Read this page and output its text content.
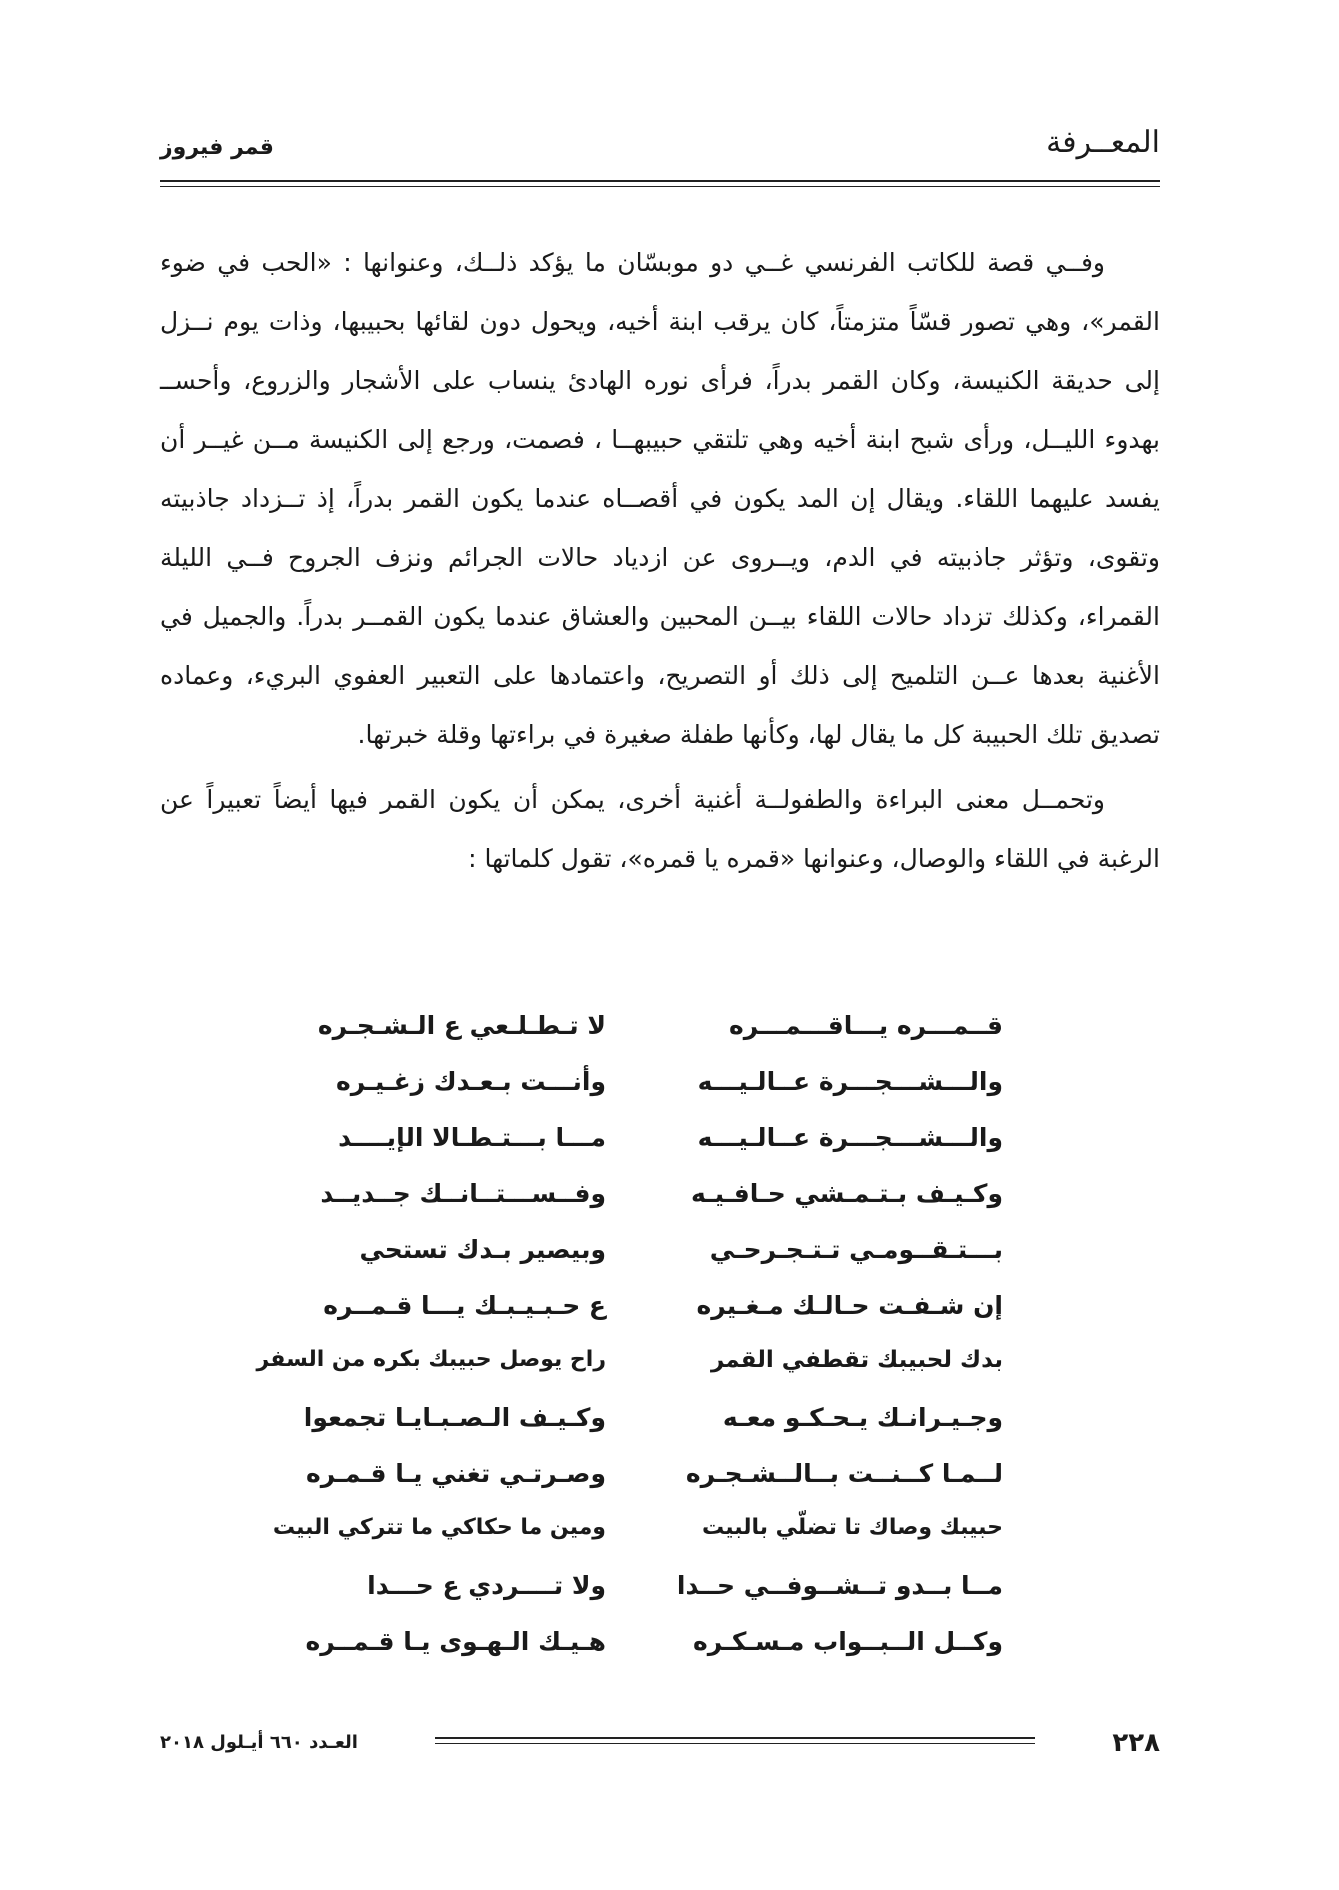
قمر فيروز	المعــرفة

وفــي قصة للكاتب الفرنسي غــي دو موبسّان ما يؤكد ذلــك، وعنوانها : «الحب في ضوء القمر»، وهي تصور قسّاً متزمتاً، كان يرقب ابنة أخيه، ويحول دون لقائها بحبيبها، وذات يوم نــزل إلى حديقة الكنيسة، وكان القمر بدراً، فرأى نوره الهادئ ينساب على الأشجار والزروع، وأحســ بهدوء الليــل، ورأى شبح ابنة أخيه وهي تلتقي حبيبهــا ، فصمت، ورجع إلى الكنيسة مــن غيــر أن يفسد عليهما اللقاء. ويقال إن المد يكون في أقصــاه عندما يكون القمر بدراً، إذ تــزداد جاذبيته وتقوى، وتؤثر جاذبيته في الدم، ويــروى عن ازدياد حالات الجرائم ونزف الجروح فــي الليلة القمراء، وكذلك تزداد حالات اللقاء بيــن المحبين والعشاق عندما يكون القمــر بدراً. والجميل في الأغنية بعدها عــن التلميح إلى ذلك أو التصريح، واعتمادها على التعبير العفوي البريء، وعماده تصديق تلك الحبيبة كل ما يقال لها، وكأنها طفلة صغيرة في براءتها وقلة خبرتها.

وتحمــل معنى البراءة والطفولــة أغنية أخرى، يمكن أن يكون القمر فيها أيضاً تعبيراً عن الرغبة في اللقاء والوصال، وعنوانها «قمره يا قمره»، تقول كلماتها :

قــمـــره يـــاقـــمـــره
لا تـطـلـعي ع الـشـجـره
والـــشـــجـــرة عــالـيـــه
وأنـــت بـعـدك زغـيـره
والـــشـــجـــرة عــالـيـــه
مـــا بـــتـطـالا الإيــــد
وكـيـف بـتـمـشي حـافـيـه
وفــســـتــانــك جــديــد
بـــتـقــومـي تـتـجـرحـي
وبيصير بـدك تستحي
إن شـفـت حـالـك مـغـيره
ع حـبـيـبـك يـــا قـمــره
بدك لحبيبك تقطفي القمر
راح يوصل حبيبك بكره من السفر
وجـيـرانـك يـحـكـو معـه
وكـيـف الـصـبـايـا تجمعوا
لــمـا كــنــت بــالــشـجـره
وصـرتـي تغني يـا قـمـره
حبيبك وصاك تا تضلّي بالبيت
ومين ما حكاكي ما تتركي البيت
مــا بــدو تــشــوفــي حــدا
ولا تــــردي ع حـــدا
وكــل الــبــواب مـسـكـره
هـيـك الـهـوى يـا قـمــره
٢٢٨
العـدد ٦٦٠ أيـلول ٢٠١٨
